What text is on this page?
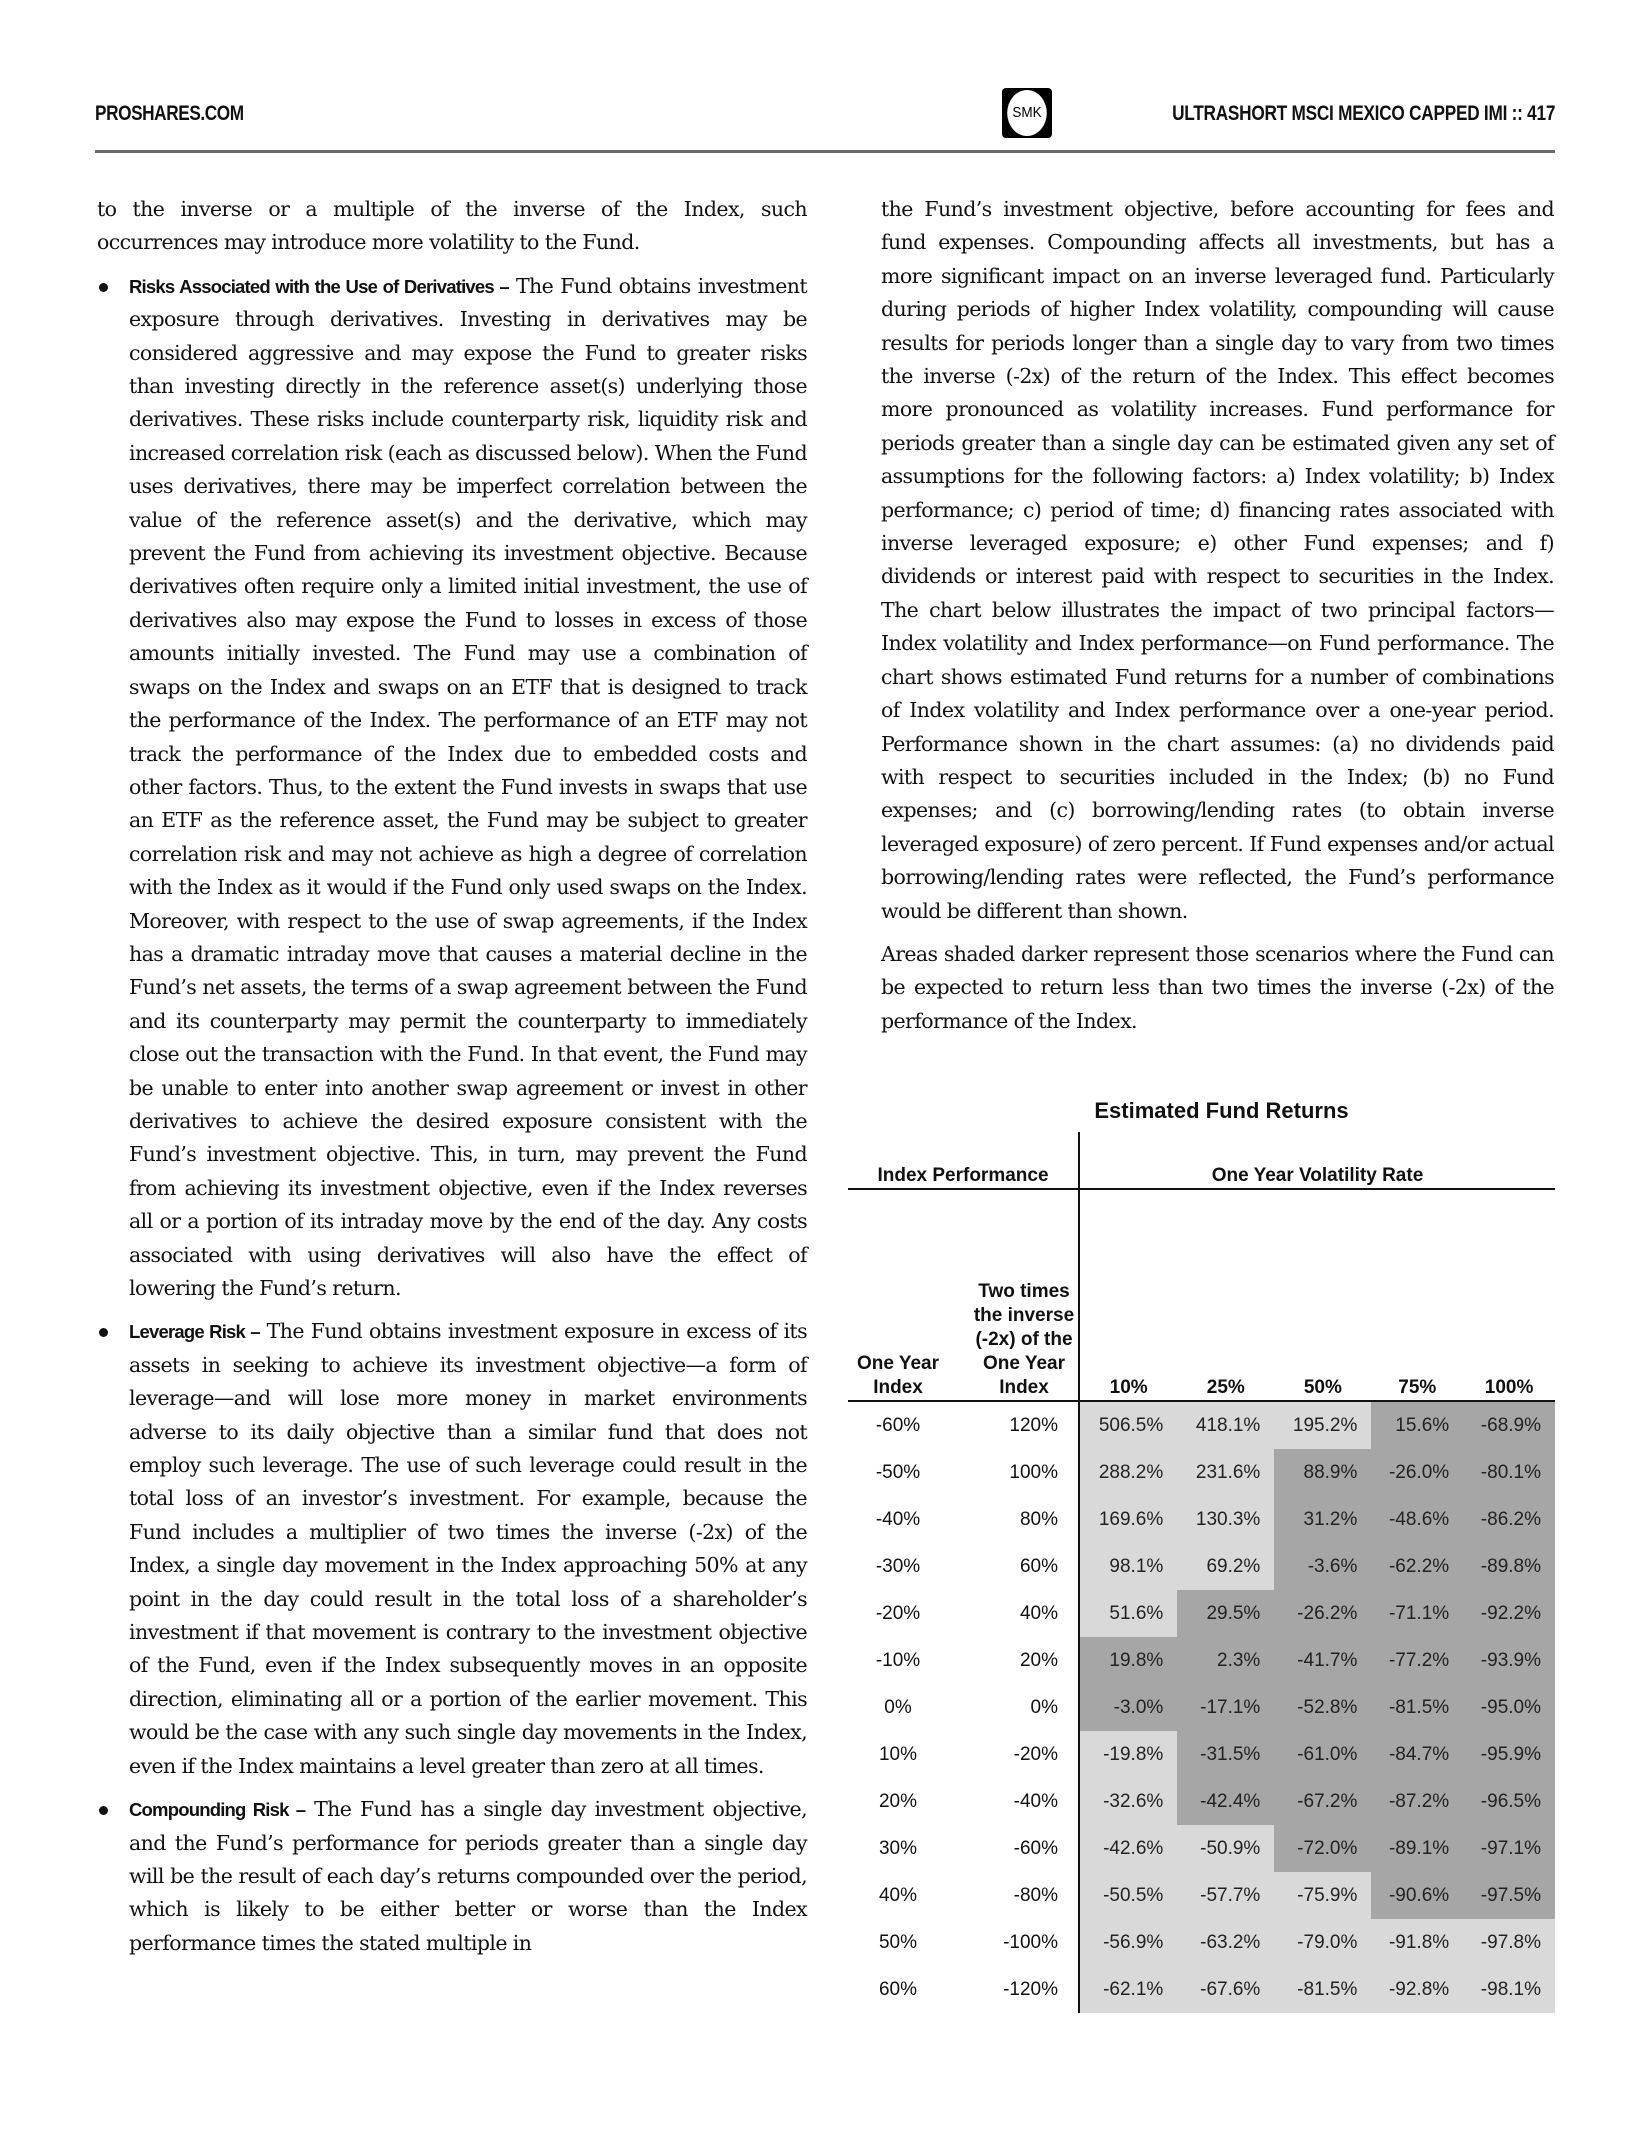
PROSHARES.COM	SMK	ULTRASHORT MSCI MEXICO CAPPED IMI :: 417

to the inverse or a multiple of the inverse of the Index, such occurrences may introduce more volatility to the Fund.

Risks Associated with the Use of Derivatives – The Fund obtains investment exposure through derivatives. Investing in derivatives may be considered aggressive and may expose the Fund to greater risks than investing directly in the reference asset(s) underlying those derivatives. These risks include counterparty risk, liquidity risk and increased correlation risk (each as discussed below). When the Fund uses derivatives, there may be imperfect correlation between the value of the reference asset(s) and the derivative, which may prevent the Fund from achieving its investment objective. Because derivatives often require only a limited initial investment, the use of derivatives also may expose the Fund to losses in excess of those amounts initially invested. The Fund may use a combination of swaps on the Index and swaps on an ETF that is designed to track the performance of the Index. The performance of an ETF may not track the performance of the Index due to embedded costs and other factors. Thus, to the extent the Fund invests in swaps that use an ETF as the reference asset, the Fund may be subject to greater correlation risk and may not achieve as high a degree of correlation with the Index as it would if the Fund only used swaps on the Index. Moreover, with respect to the use of swap agreements, if the Index has a dramatic intraday move that causes a material decline in the Fund’s net assets, the terms of a swap agreement between the Fund and its counterparty may permit the counterparty to immediately close out the transaction with the Fund. In that event, the Fund may be unable to enter into another swap agreement or invest in other derivatives to achieve the desired exposure consistent with the Fund’s investment objective. This, in turn, may prevent the Fund from achieving its investment objective, even if the Index reverses all or a portion of its intraday move by the end of the day. Any costs associated with using derivatives will also have the effect of lowering the Fund’s return.
Leverage Risk – The Fund obtains investment exposure in excess of its assets in seeking to achieve its investment objective—a form of leverage—and will lose more money in market environments adverse to its daily objective than a similar fund that does not employ such leverage. The use of such leverage could result in the total loss of an investor’s investment. For example, because the Fund includes a multiplier of two times the inverse (-2x) of the Index, a single day movement in the Index approaching 50% at any point in the day could result in the total loss of a shareholder’s investment if that movement is contrary to the investment objective of the Fund, even if the Index subsequently moves in an opposite direction, eliminating all or a portion of the earlier movement. This would be the case with any such single day movements in the Index, even if the Index maintains a level greater than zero at all times.
Compounding Risk – The Fund has a single day investment objective, and the Fund’s performance for periods greater than a single day will be the result of each day’s returns compounded over the period, which is likely to be either better or worse than the Index performance times the stated multiple in

the Fund’s investment objective, before accounting for fees and fund expenses. Compounding affects all investments, but has a more significant impact on an inverse leveraged fund. Particularly during periods of higher Index volatility, compounding will cause results for periods longer than a single day to vary from two times the inverse (-2x) of the return of the Index. This effect becomes more pronounced as volatility increases. Fund performance for periods greater than a single day can be estimated given any set of assumptions for the following factors: a) Index volatility; b) Index performance; c) period of time; d) financing rates associated with inverse leveraged exposure; e) other Fund expenses; and f) dividends or interest paid with respect to securities in the Index. The chart below illustrates the impact of two principal factors—Index volatility and Index performance—on Fund performance. The chart shows estimated Fund returns for a number of combinations of Index volatility and Index performance over a one-year period. Performance shown in the chart assumes: (a) no dividends paid with respect to securities included in the Index; (b) no Fund expenses; and (c) borrowing/lending rates (to obtain inverse leveraged exposure) of zero percent. If Fund expenses and/or actual borrowing/lending rates were reflected, the Fund’s performance would be different than shown.

Areas shaded darker represent those scenarios where the Fund can be expected to return less than two times the inverse (-2x) of the performance of the Index.

Estimated Fund Returns
Index Performance		One Year Volatility Rate				
One Year Index	Two times the inverse (-2x) of the One Year Index	10%	25%	50%	75%	100%
-60%	120%	506.5%	418.1%	195.2%	15.6%	-68.9%
-50%	100%	288.2%	231.6%	88.9%	-26.0%	-80.1%
-40%	80%	169.6%	130.3%	31.2%	-48.6%	-86.2%
-30%	60%	98.1%	69.2%	-3.6%	-62.2%	-89.8%
-20%	40%	51.6%	29.5%	-26.2%	-71.1%	-92.2%
-10%	20%	19.8%	2.3%	-41.7%	-77.2%	-93.9%
0%	0%	-3.0%	-17.1%	-52.8%	-81.5%	-95.0%
10%	-20%	-19.8%	-31.5%	-61.0%	-84.7%	-95.9%
20%	-40%	-32.6%	-42.4%	-67.2%	-87.2%	-96.5%
30%	-60%	-42.6%	-50.9%	-72.0%	-89.1%	-97.1%
40%	-80%	-50.5%	-57.7%	-75.9%	-90.6%	-97.5%
50%	-100%	-56.9%	-63.2%	-79.0%	-91.8%	-97.8%
60%	-120%	-62.1%	-67.6%	-81.5%	-92.8%	-98.1%
